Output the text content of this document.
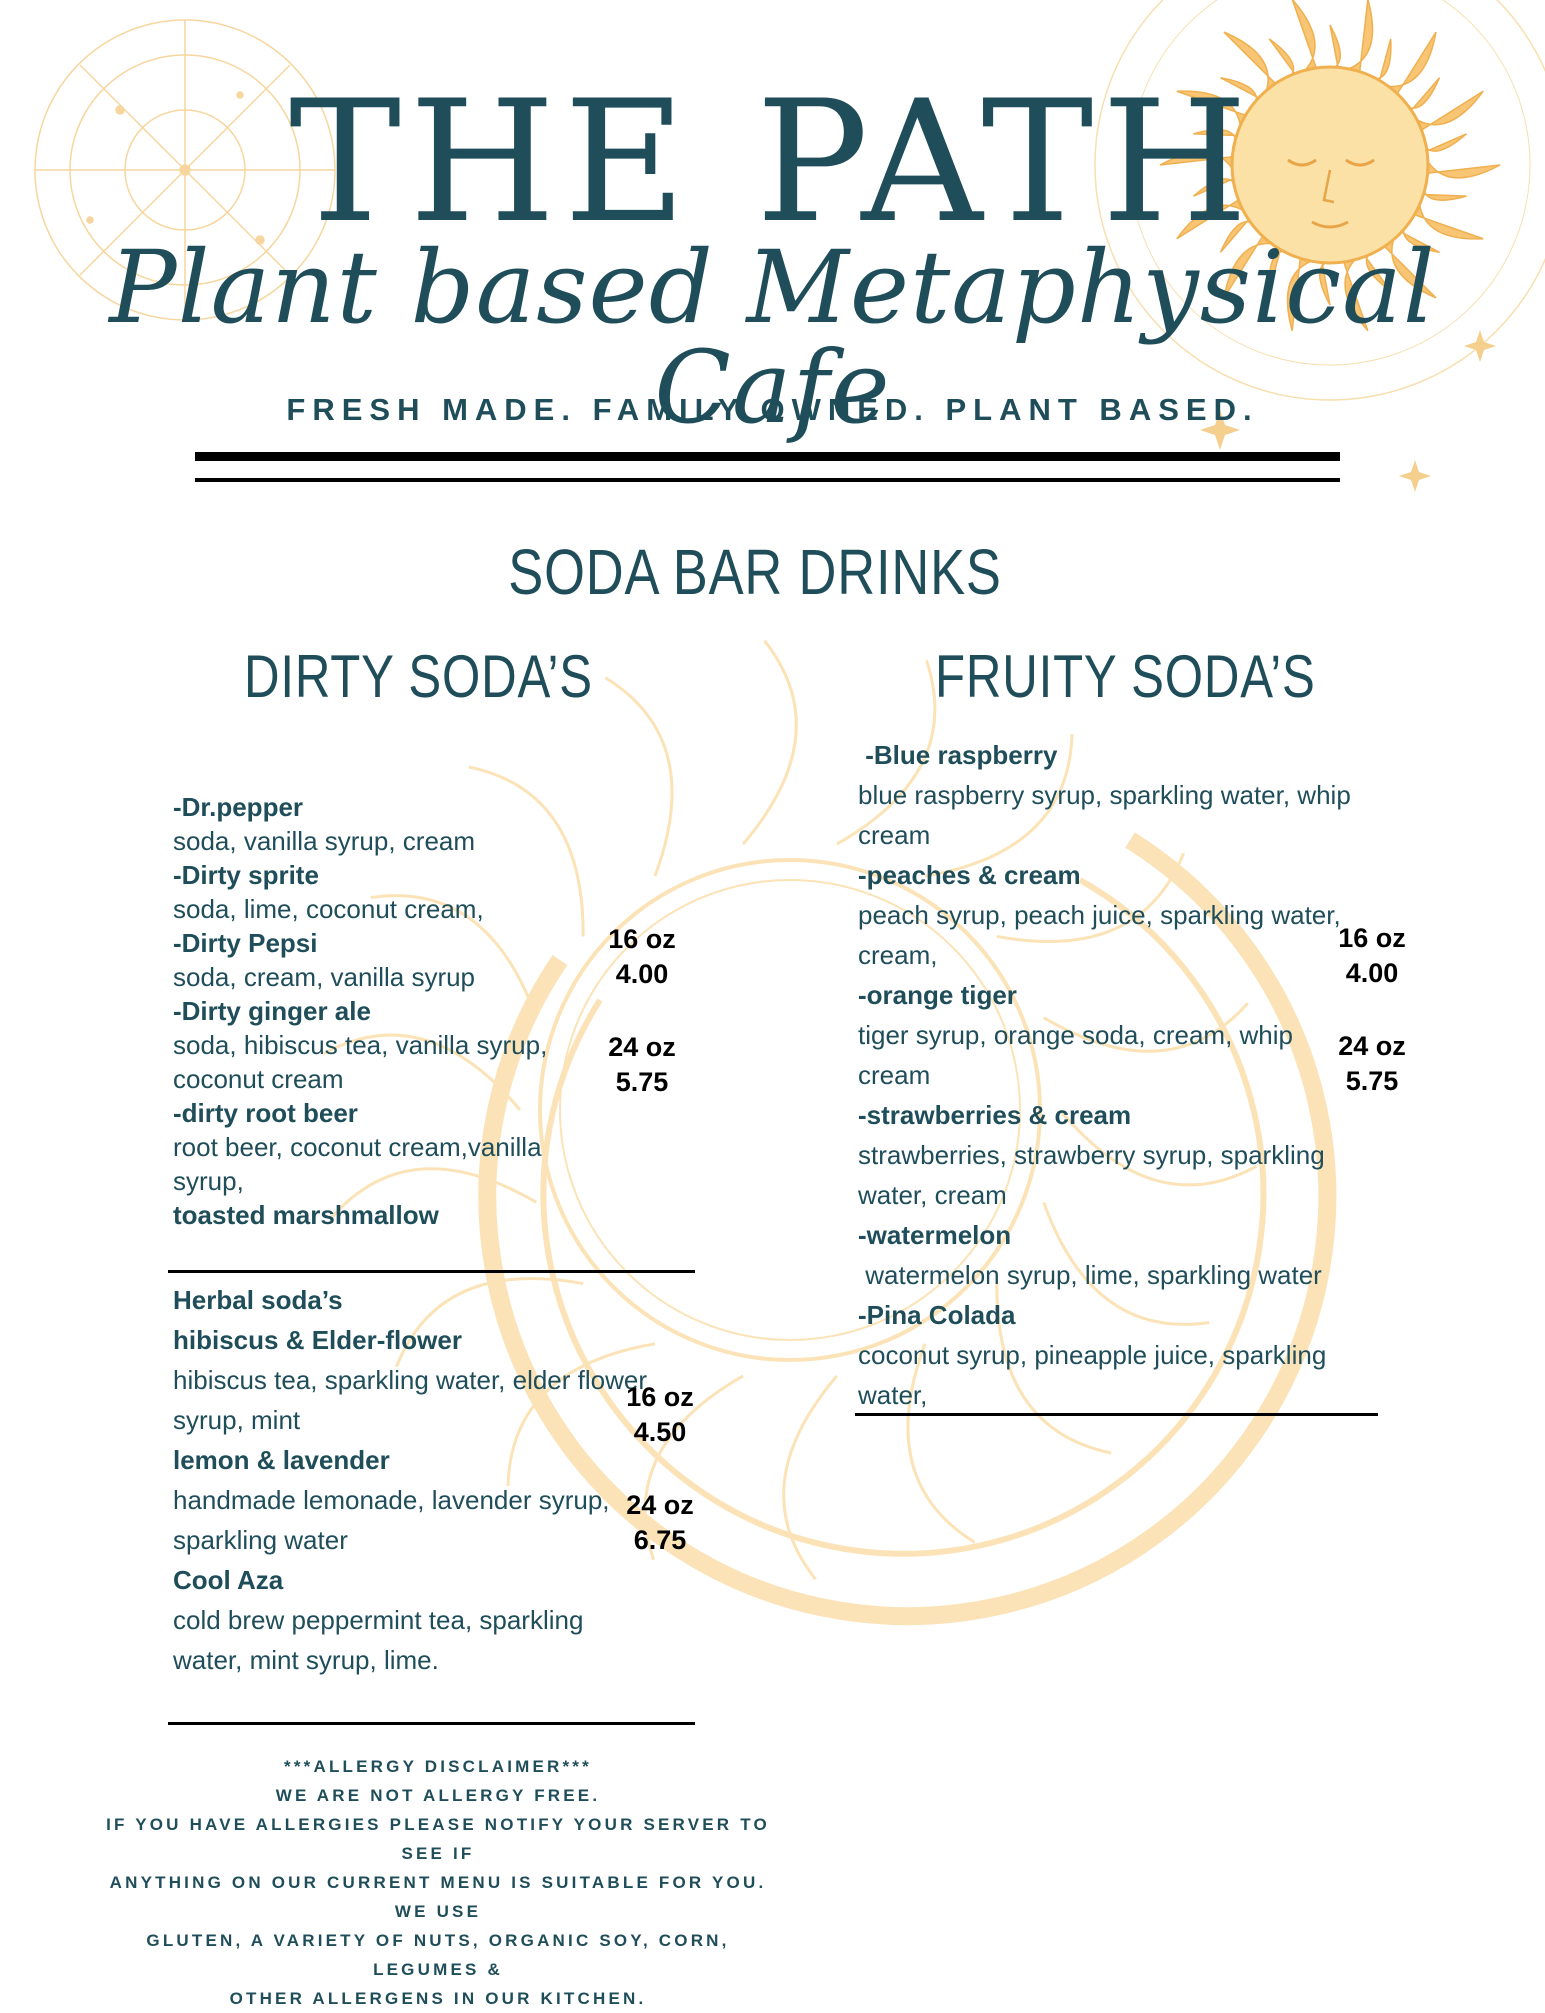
THE PATH
Plant based Metaphysical Cafe
FRESH MADE. FAMILY OWNED. PLANT BASED.
SODA BAR DRINKS
DIRTY SODA’S
-Dr.pepper
soda, vanilla syrup, cream
-Dirty sprite
soda, lime, coconut cream,
-Dirty Pepsi
soda, cream, vanilla syrup
-Dirty ginger ale
soda, hibiscus tea, vanilla syrup,
coconut cream
-dirty root beer
root beer, coconut cream,vanilla
syrup,
toasted marshmallow
16 oz
4.00
24 oz
5.75
Herbal soda’s
hibiscus & Elder-flower
hibiscus tea, sparkling water, elder flower
syrup, mint
lemon & lavender
handmade lemonade, lavender syrup,
sparkling water
Cool Aza
cold brew peppermint tea, sparkling
water, mint syrup, lime.
16 oz
4.50
24 oz
6.75
FRUITY SODA’S
-Blue raspberry
blue raspberry syrup, sparkling water, whip
cream
-peaches & cream
peach syrup, peach juice, sparkling water,
cream,
-orange tiger
tiger syrup, orange soda, cream, whip
cream
-strawberries & cream
strawberries, strawberry syrup, sparkling
water, cream
-watermelon
watermelon syrup, lime, sparkling water
-Pina Colada
coconut syrup, pineapple juice, sparkling
water,
16 oz
4.00
24 oz
5.75
***ALLERGY DISCLAIMER***
WE ARE NOT ALLERGY FREE.
IF YOU HAVE ALLERGIES PLEASE NOTIFY YOUR SERVER TO SEE IF
ANYTHING ON OUR CURRENT MENU IS SUITABLE FOR YOU. WE USE
GLUTEN, A VARIETY OF NUTS, ORGANIC SOY, CORN, LEGUMES &
OTHER ALLERGENS IN OUR KITCHEN.
